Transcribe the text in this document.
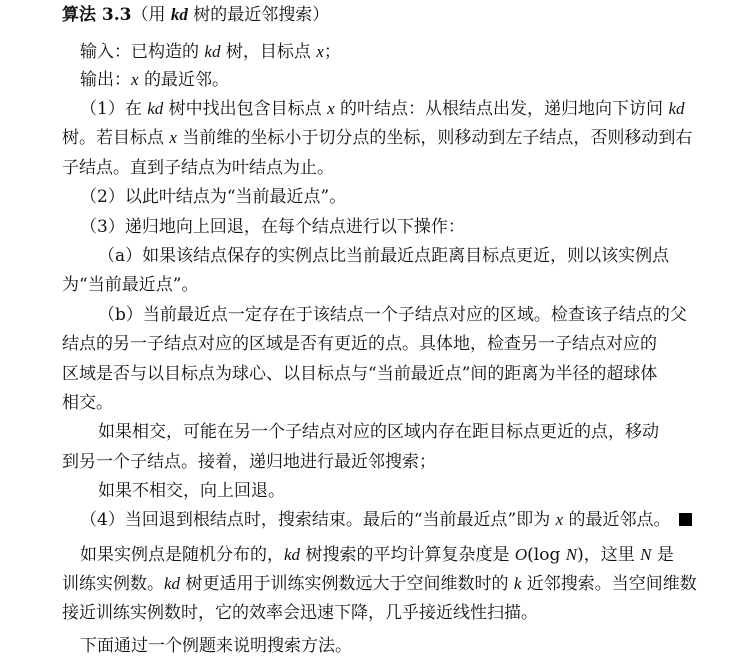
算法 3.3（用 kd 树的最近邻搜索）
输入：已构造的 kd 树，目标点 x；
输出：x 的最近邻。
（1）在 kd 树中找出包含目标点 x 的叶结点：从根结点出发，递归地向下访问 kd
树。若目标点 x 当前维的坐标小于切分点的坐标，则移动到左子结点，否则移动到右
子结点。直到子结点为叶结点为止。
（2）以此叶结点为“当前最近点”。
（3）递归地向上回退，在每个结点进行以下操作：
（a）如果该结点保存的实例点比当前最近点距离目标点更近，则以该实例点
为“当前最近点”。
（b）当前最近点一定存在于该结点一个子结点对应的区域。检查该子结点的父
结点的另一子结点对应的区域是否有更近的点。具体地，检查另一子结点对应的
区域是否与以目标点为球心、以目标点与“当前最近点”间的距离为半径的超球体
相交。
如果相交，可能在另一个子结点对应的区域内存在距目标点更近的点，移动
到另一个子结点。接着，递归地进行最近邻搜索；
如果不相交，向上回退。
（4）当回退到根结点时，搜索结束。最后的“当前最近点”即为 x 的最近邻点。
如果实例点是随机分布的，kd 树搜索的平均计算复杂度是 O(log N)，这里 N 是
训练实例数。kd 树更适用于训练实例数远大于空间维数时的 k 近邻搜索。当空间维数
接近训练实例数时，它的效率会迅速下降，几乎接近线性扫描。
下面通过一个例题来说明搜索方法。
